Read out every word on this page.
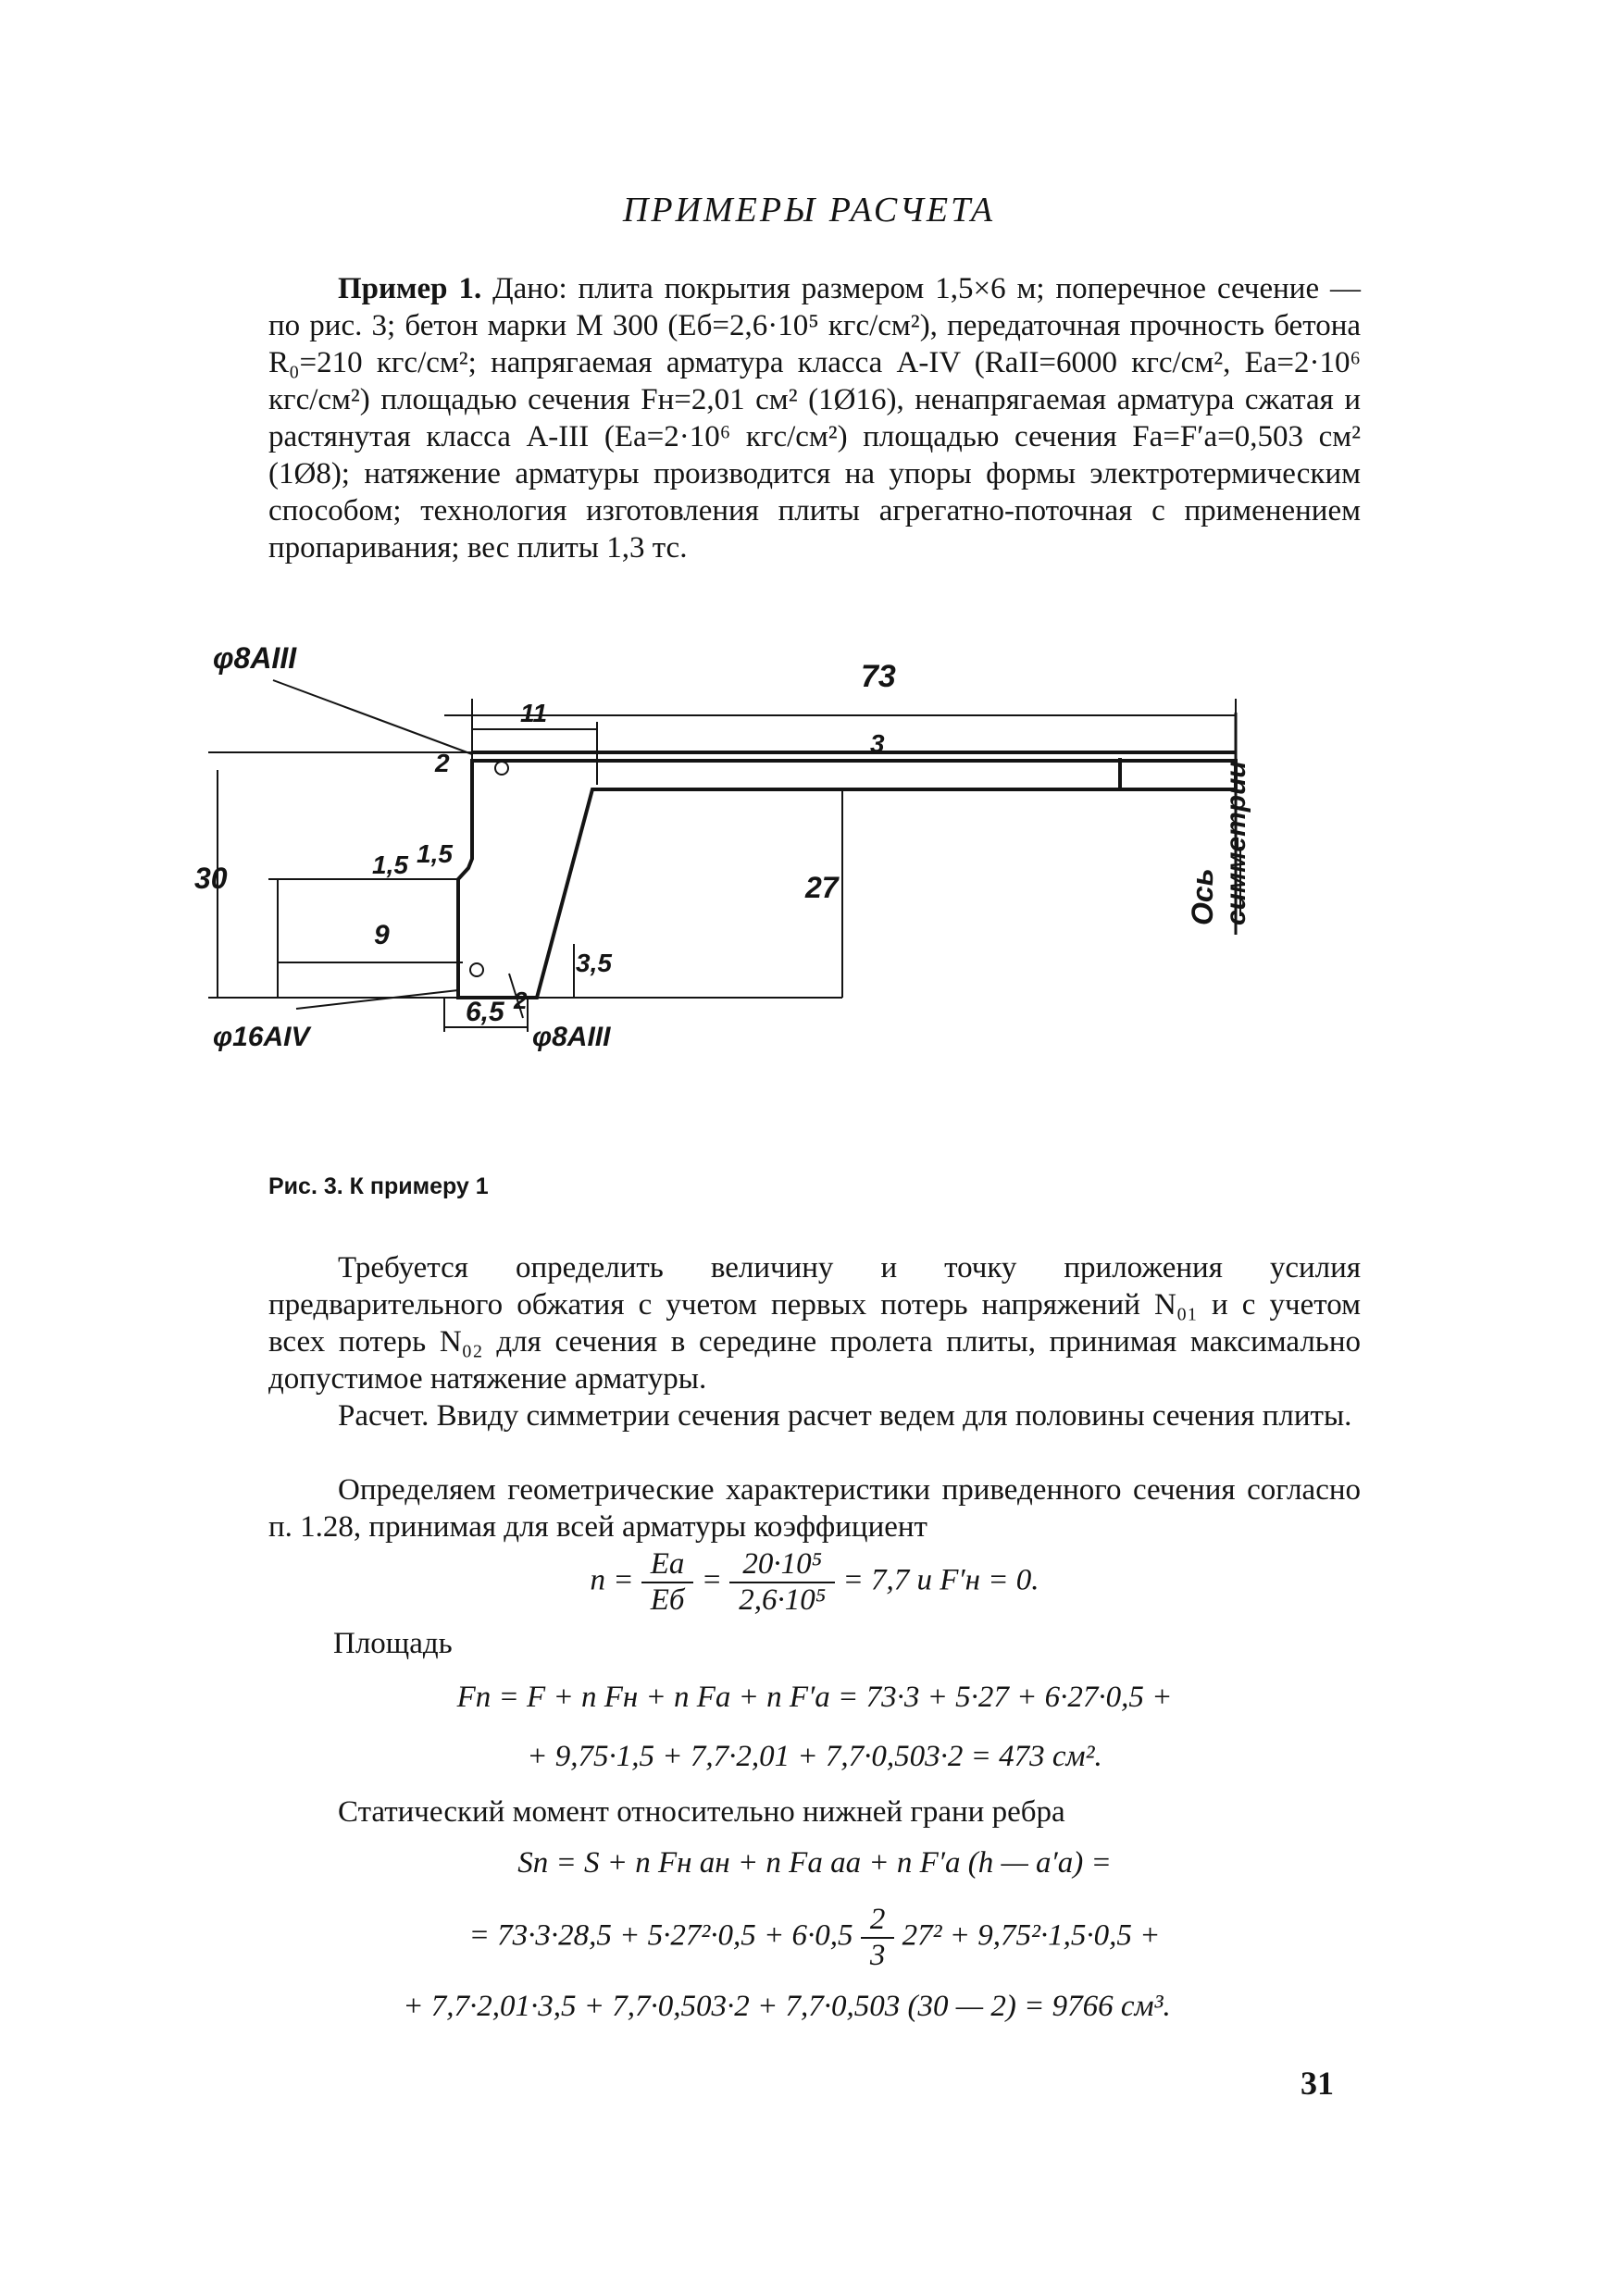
ПРИМЕРЫ РАСЧЕТА

Пример 1. Дано: плита покрытия размером 1,5×6 м; поперечное сечение — по рис. 3; бетон марки М 300 (Eб=2,6·10⁵ кгс/см²), передаточная прочность бетона R₀=210 кгс/см²; напрягаемая арматура класса A-IV (RаII=6000 кгс/см², Eа=2·10⁶ кгс/см²) площадью сечения Fн=2,01 см² (1Ø16), ненапрягаемая арматура сжатая и растянутая класса A-III (Eа=2·10⁶ кгс/см²) площадью сечения Fа=F′а=0,503 см² (1Ø8); натяжение арматуры производится на упоры формы электротермическим способом; технология изготовления плиты агрегатно-поточная с применением пропаривания; вес плиты 1,3 тс.

73
11
3
2
30
1,5
1,5
27
9
3,5
6,5 2
φ8AIII
φ16AIV	φ8AIII
Ось симметрии
Рис. 3. К примеру 1

Требуется определить величину и точку приложения усилия предварительного обжатия с учетом первых потерь напряжений N₀₁ и с учетом всех потерь N₀₂ для сечения в середине пролета плиты, принимая максимально допустимое натяжение арматуры.

Расчет. Ввиду симметрии сечения расчет ведем для половины сечения плиты.

Определяем геометрические характеристики приведенного сечения согласно п. 1.28, принимая для всей арматуры коэффициент

$n = \frac{Eа}{Eб} = \frac{\text{20·10⁵}}{\text{2,6·10⁵}} = 7,7$ и F′н = 0.
Площадь
Fп = F + n Fн + n Fа + n F′а = 73·3 + 5·27 + 6·27·0,5 +
+ 9,75·1,5 + 7,7·2,01 + 7,7·0,503·2 = 473 см².

Статический момент относительно нижней грани ребра

Sп = S + n Fн aн + n Fа aа + n F′а (h — a′а) =
= $73\cdot 3\cdot 28,5 + 5\cdot 27^2\cdot 0,5 + 6\cdot 0,5 \frac{2}{3} 27^2 + 9,75^2\cdot 1,5\cdot 0,5$ +
+ 7,7·2,01·3,5 + 7,7·0,503·2 + 7,7·0,503 (30 — 2) = 9766 см³.
31
